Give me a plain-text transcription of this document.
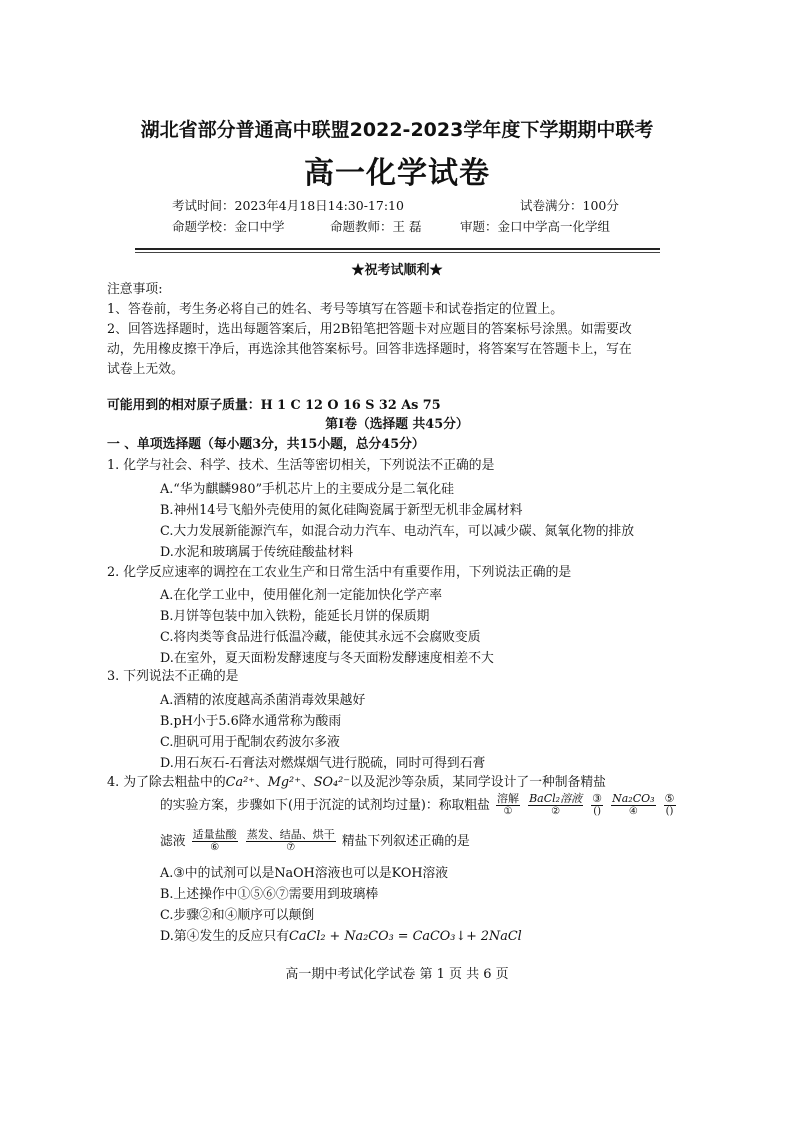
湖北省部分普通高中联盟2022-2023学年度下学期期中联考
高一化学试卷
考试时间：2023年4月18日14:30-17:10	试卷满分：100分
命题学校：金口中学	命题教师：王 磊	审题：金口中学高一化学组
★祝考试顺利★
注意事项:
1、答卷前，考生务必将自己的姓名、考号等填写在答题卡和试卷指定的位置上。
2、回答选择题时，选出每题答案后，用2B铅笔把答题卡对应题目的答案标号涂黑。如需要改
动，先用橡皮擦干净后，再选涂其他答案标号。回答非选择题时，将答案写在答题卡上，写在
试卷上无效。
可能用到的相对原子质量：H 1 C 12 O 16 S 32 As 75
第Ⅰ卷（选择题 共45分）
一 、单项选择题（每小题3分，共15小题，总分45分）
1. 化学与社会、科学、技术、生活等密切相关，下列说法不正确的是
A.“华为麒麟980”手机芯片上的主要成分是二氧化硅
B.神州14号飞船外壳使用的氮化硅陶瓷属于新型无机非金属材料
C.大力发展新能源汽车，如混合动力汽车、电动汽车，可以减少碳、氮氧化物的排放
D.水泥和玻璃属于传统硅酸盐材料
2. 化学反应速率的调控在工农业生产和日常生活中有重要作用，下列说法正确的是
A.在化学工业中，使用催化剂一定能加快化学产率
B.月饼等包装中加入铁粉，能延长月饼的保质期
C.将肉类等食品进行低温冷藏，能使其永远不会腐败变质
D.在室外，夏天面粉发酵速度与冬天面粉发酵速度相差不大
3. 下列说法不正确的是
A.酒精的浓度越高杀菌消毒效果越好
B.pH小于5.6降水通常称为酸雨
C.胆矾可用于配制农药波尔多液
D.用石灰石-石膏法对燃煤烟气进行脱硫，同时可得到石膏
4. 为了除去粗盐中的Ca²⁺、Mg²⁺、SO₄²⁻以及泥沙等杂质，某同学设计了一种制备精盐
的实验方案，步骤如下(用于沉淀的试剂均过量)：称取粗盐 溶解
①

BaCl₂溶液
②

③
()

Na₂CO₃
④

⑤
()
滤液 适量盐酸
⑥

蒸发、结晶、烘干
⑦	精盐下列叙述正确的是
A.③中的试剂可以是NaOH溶液也可以是KOH溶液
B.上述操作中①⑤⑥⑦需要用到玻璃棒
C.步骤②和④顺序可以颠倒
D.第④发生的反应只有CaCl₂ + Na₂CO₃ = CaCO₃↓+ 2NaCl
高一期中考试化学试卷 第 1 页 共 6 页
